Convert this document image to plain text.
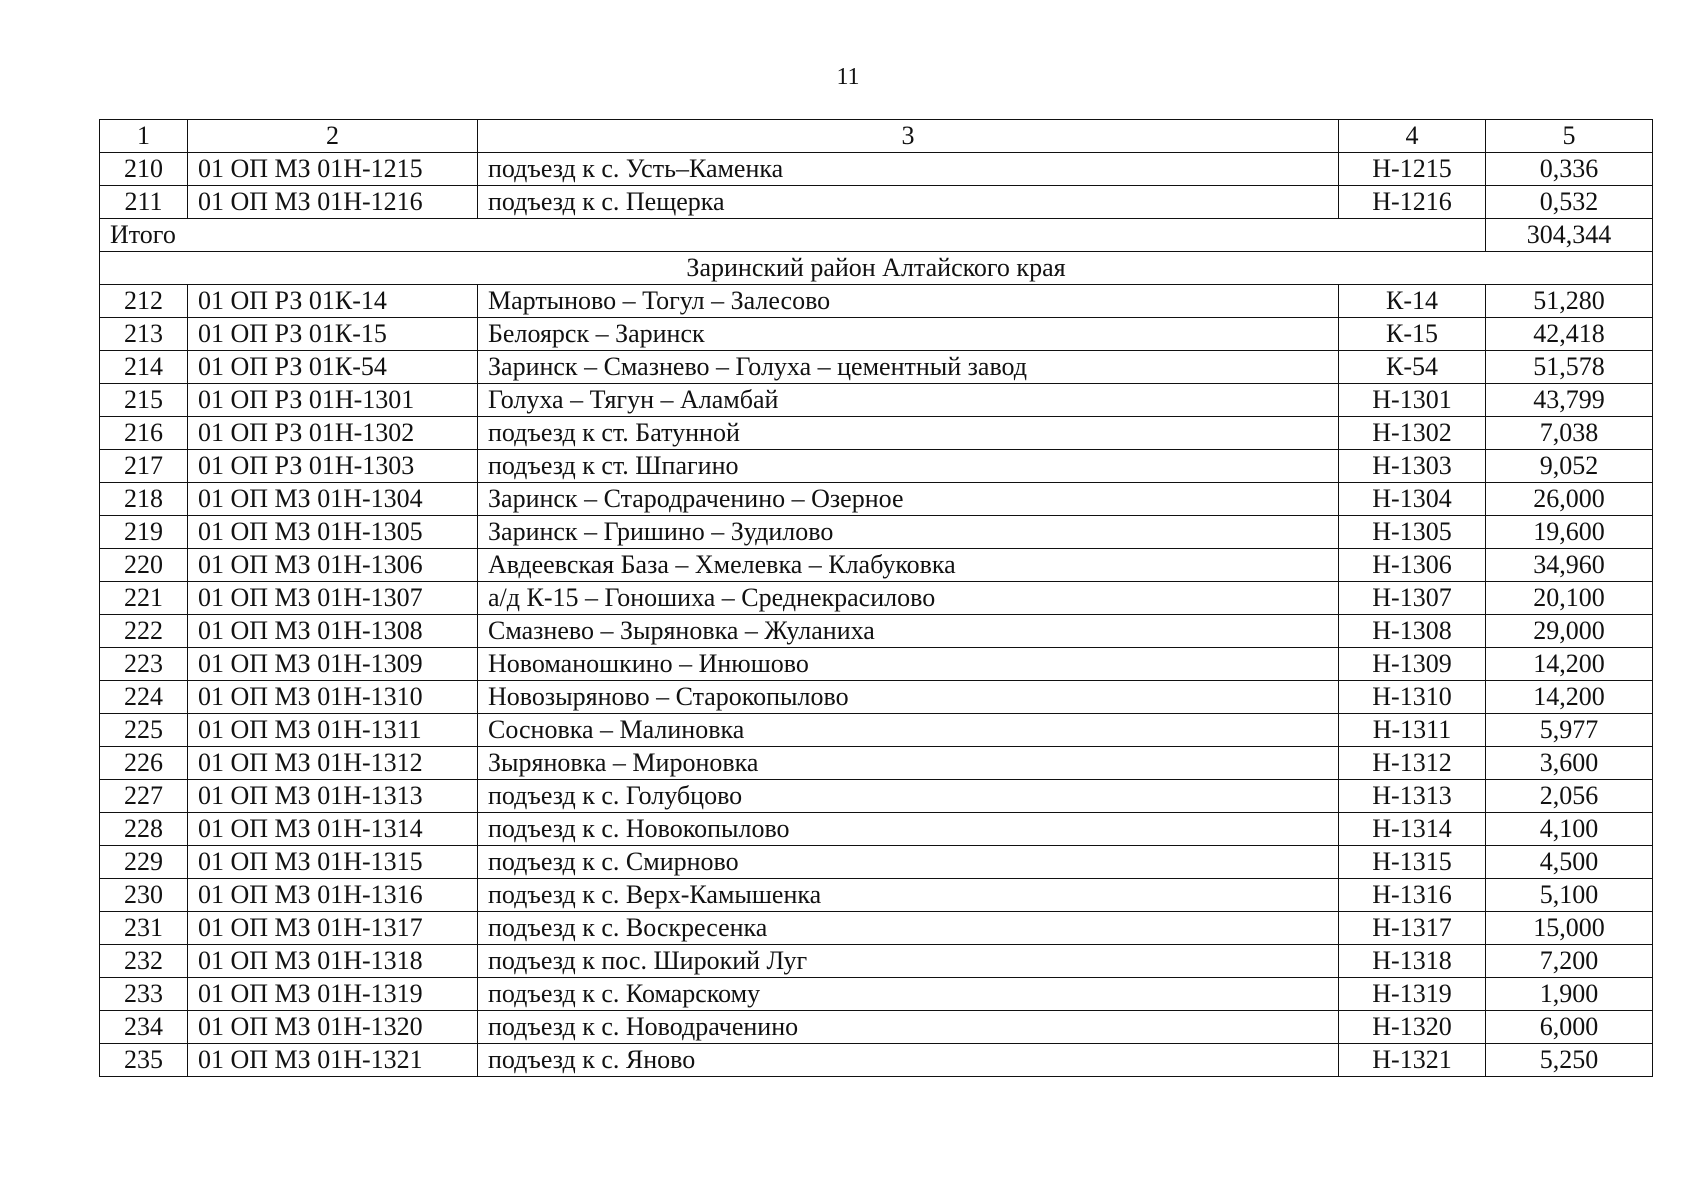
11
1	2	3	4	5
210	01 ОП МЗ 01Н-1215	подъезд к с. Усть–Каменка	Н-1215	0,336
211	01 ОП МЗ 01Н-1216	подъезд к с. Пещерка	Н-1216	0,532
Итого				304,344
Заринский район Алтайского края				
212	01 ОП РЗ 01К-14	Мартыново – Тогул – Залесово	К-14	51,280
213	01 ОП РЗ 01К-15	Белоярск – Заринск	К-15	42,418
214	01 ОП РЗ 01К-54	Заринск – Смазнево – Голуха – цементный завод	К-54	51,578
215	01 ОП РЗ 01Н-1301	Голуха – Тягун – Аламбай	Н-1301	43,799
216	01 ОП РЗ 01Н-1302	подъезд к ст. Батунной	Н-1302	7,038
217	01 ОП РЗ 01Н-1303	подъезд к ст. Шпагино	Н-1303	9,052
218	01 ОП МЗ 01Н-1304	Заринск – Стародраченино – Озерное	Н-1304	26,000
219	01 ОП МЗ 01Н-1305	Заринск – Гришино – Зудилово	Н-1305	19,600
220	01 ОП МЗ 01Н-1306	Авдеевская База – Хмелевка – Клабуковка	Н-1306	34,960
221	01 ОП МЗ 01Н-1307	а/д К-15 – Гоношиха – Среднекрасилово	Н-1307	20,100
222	01 ОП МЗ 01Н-1308	Смазнево – Зыряновка – Жуланиха	Н-1308	29,000
223	01 ОП МЗ 01Н-1309	Новоманошкино – Инюшово	Н-1309	14,200
224	01 ОП МЗ 01Н-1310	Новозыряново – Старокопылово	Н-1310	14,200
225	01 ОП МЗ 01Н-1311	Сосновка – Малиновка	Н-1311	5,977
226	01 ОП МЗ 01Н-1312	Зыряновка – Мироновка	Н-1312	3,600
227	01 ОП МЗ 01Н-1313	подъезд к с. Голубцово	Н-1313	2,056
228	01 ОП МЗ 01Н-1314	подъезд к с. Новокопылово	Н-1314	4,100
229	01 ОП МЗ 01Н-1315	подъезд к с. Смирново	Н-1315	4,500
230	01 ОП МЗ 01Н-1316	подъезд к с. Верх-Камышенка	Н-1316	5,100
231	01 ОП МЗ 01Н-1317	подъезд к с. Воскресенка	Н-1317	15,000
232	01 ОП МЗ 01Н-1318	подъезд к пос. Широкий Луг	Н-1318	7,200
233	01 ОП МЗ 01Н-1319	подъезд к с. Комарскому	Н-1319	1,900
234	01 ОП МЗ 01Н-1320	подъезд к с. Новодраченино	Н-1320	6,000
235	01 ОП МЗ 01Н-1321	подъезд к с. Яново	Н-1321	5,250
